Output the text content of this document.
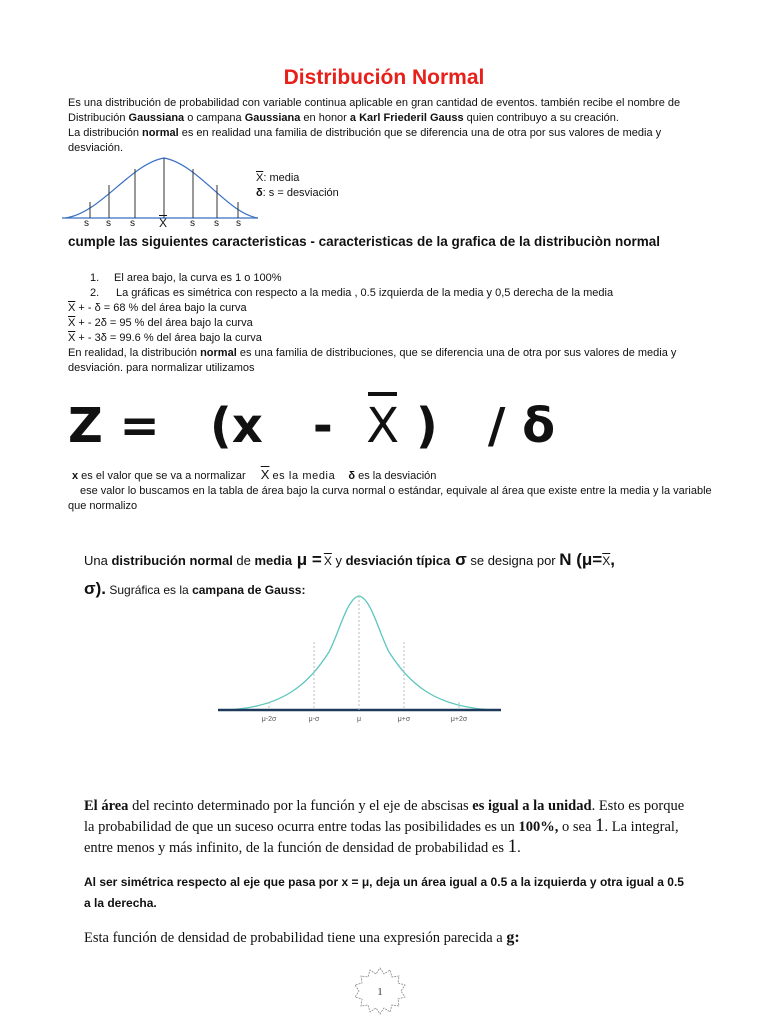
Distribución Normal
Es una distribución de probabilidad con variable continua aplicable en gran cantidad de eventos. también recibe el nombre de Distribución Gaussiana o campana Gaussiana en honor a Karl Friederil Gauss quien contribuyo a su creación.
La distribución normal es en realidad una familia de distribución que se diferencia una de otra por sus valores de media y desviación.
s s s $\overline{X}$ s s s
$\overline{X}$: media
δ: s = desviación
cumple las siguientes caracteristicas - caracteristicas de la grafica de la distribuciòn normal
1. El area bajo, la curva es 1 o 100%
2. La gráficas es simétrica con respecto a la media , 0.5 izquierda de la media y 0,5 derecha de la media
$\overline{X}$ + - δ = 68 % del área bajo la curva
$\overline{X}$ + - 2δ = 95 % del área bajo la curva
$\overline{X}$ + - 3δ = 99.6 % del área bajo la curva
En realidad, la distribución normal es una familia de distribuciones, que se diferencia una de otra por sus valores de media y desviación. para normalizar utilizamos
Z = (x   - X )   / δ
x es el valor que se va a normalizar $\overline{X}$ es la media δ es la desviación
ese valor lo buscamos en la tabla de área bajo la curva normal o estándar, equivale al área que existe entre la media y la variable que normalizo
Una distribución normal de media $\mu = \overline{X}$ y desviación típica σ se designa por N ($\mu=\overline{X}$,
σ). Sugráfica es la campana de Gauss:
μ-2σ	μ-σ	μ	μ+σ	μ+2σ
El área del recinto determinado por la función y el eje de abscisas es igual a la unidad. Esto es porque la probabilidad de que un suceso ocurra entre todas las posibilidades es un 100%, o sea 1. La integral, entre menos y más infinito, de la función de densidad de probabilidad es 1.
Al ser simétrica respecto al eje que pasa por x = μ, deja un área igual a 0.5 a la izquierda y otra igual a 0.5 a la derecha.
Esta función de densidad de probabilidad tiene una expresión parecida a g:
1
